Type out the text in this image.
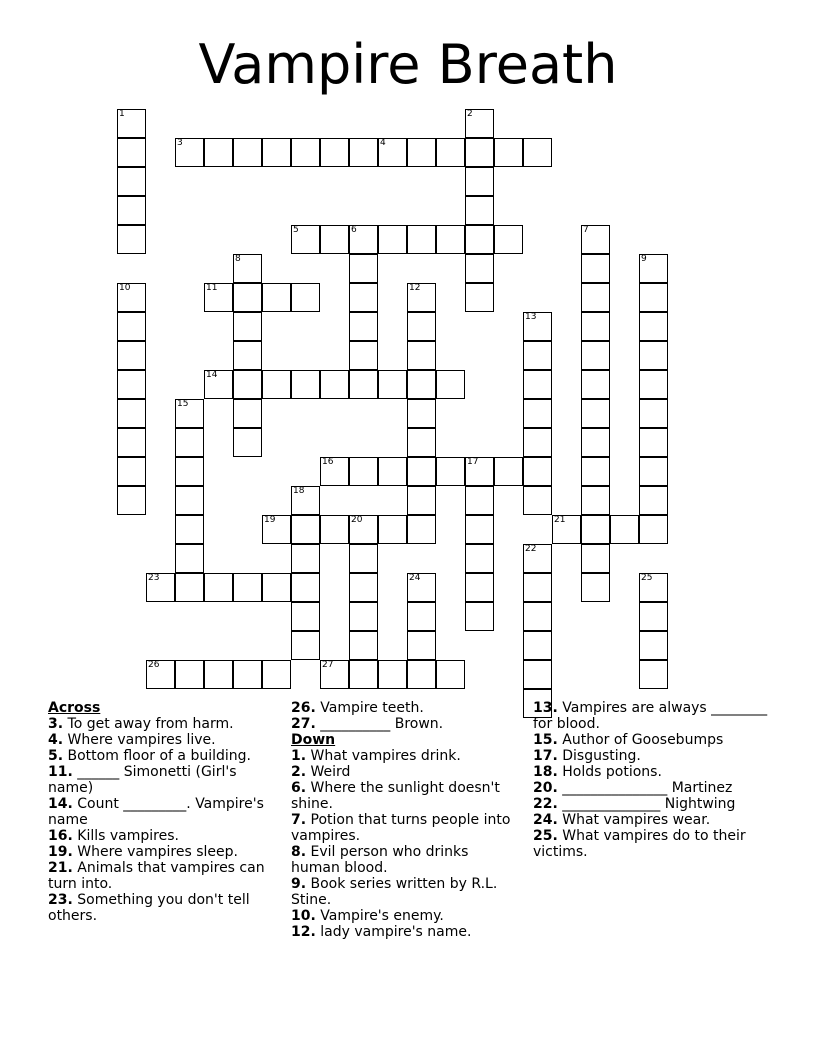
Vampire Breath
1	2
3	4
5	6	7
8	9
10	11	12
13
14
15
16	17
18
19	20	21
22
23	24	25
26	27
Across
3. To get away from harm.
4. Where vampires live.
5. Bottom floor of a building.
11. ______ Simonetti (Girl's name)
14. Count _________. Vampire's name
16. Kills vampires.
19. Where vampires sleep.
21. Animals that vampires can turn into.
23. Something you don't tell others.
26. Vampire teeth.
27. __________ Brown.
Down
1. What vampires drink.
2. Weird
6. Where the sunlight doesn't shine.
7. Potion that turns people into vampires.
8. Evil person who drinks human blood.
9. Book series written by R.L. Stine.
10. Vampire's enemy.
12. lady vampire's name.
13. Vampires are always ________ for blood.
15. Author of Goosebumps
17. Disgusting.
18. Holds potions.
20. _______________ Martinez
22. ______________ Nightwing
24. What vampires wear.
25. What vampires do to their victims.
